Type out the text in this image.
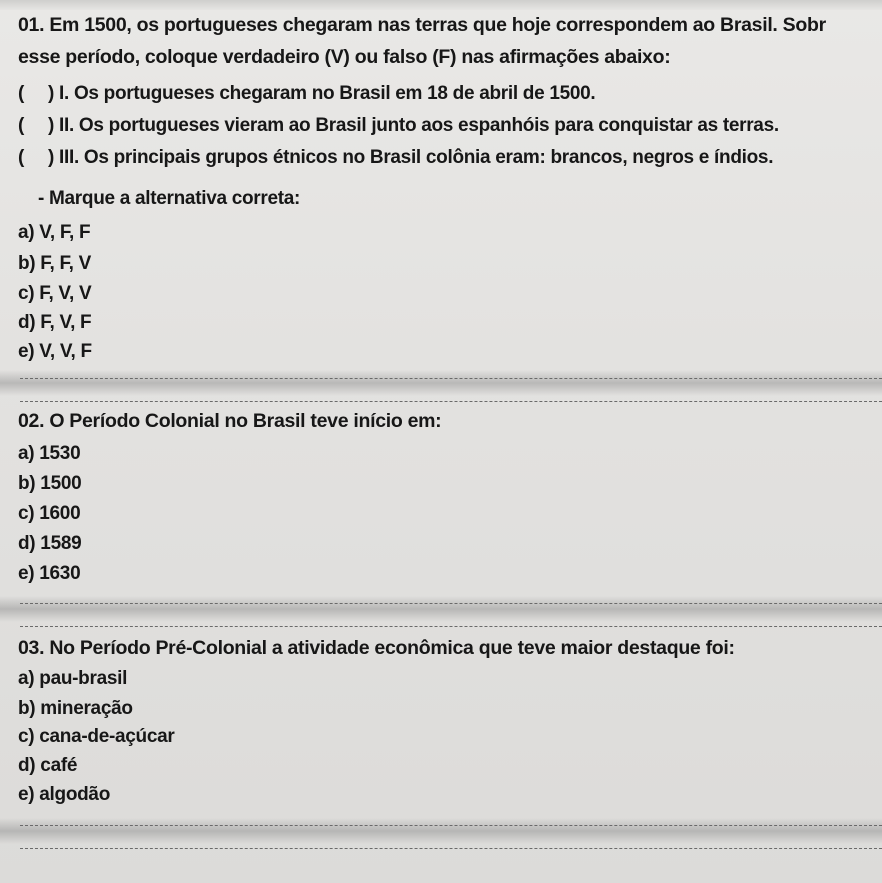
01. Em 1500, os portugueses chegaram nas terras que hoje correspondem ao Brasil. Sobr
esse período, coloque verdadeiro (V) ou falso (F) nas afirmações abaixo:
( ) I. Os portugueses chegaram no Brasil em 18 de abril de 1500.
( ) II. Os portugueses vieram ao Brasil junto aos espanhóis para conquistar as terras.
( ) III. Os principais grupos étnicos no Brasil colônia eram: brancos, negros e índios.
- Marque a alternativa correta:
a) V, F, F
b) F, F, V
c) F, V, V
d) F, V, F
e) V, V, F
02. O Período Colonial no Brasil teve início em:
a) 1530
b) 1500
c) 1600
d) 1589
e) 1630
03. No Período Pré-Colonial a atividade econômica que teve maior destaque foi:
a) pau-brasil
b) mineração
c) cana-de-açúcar
d) café
e) algodão
